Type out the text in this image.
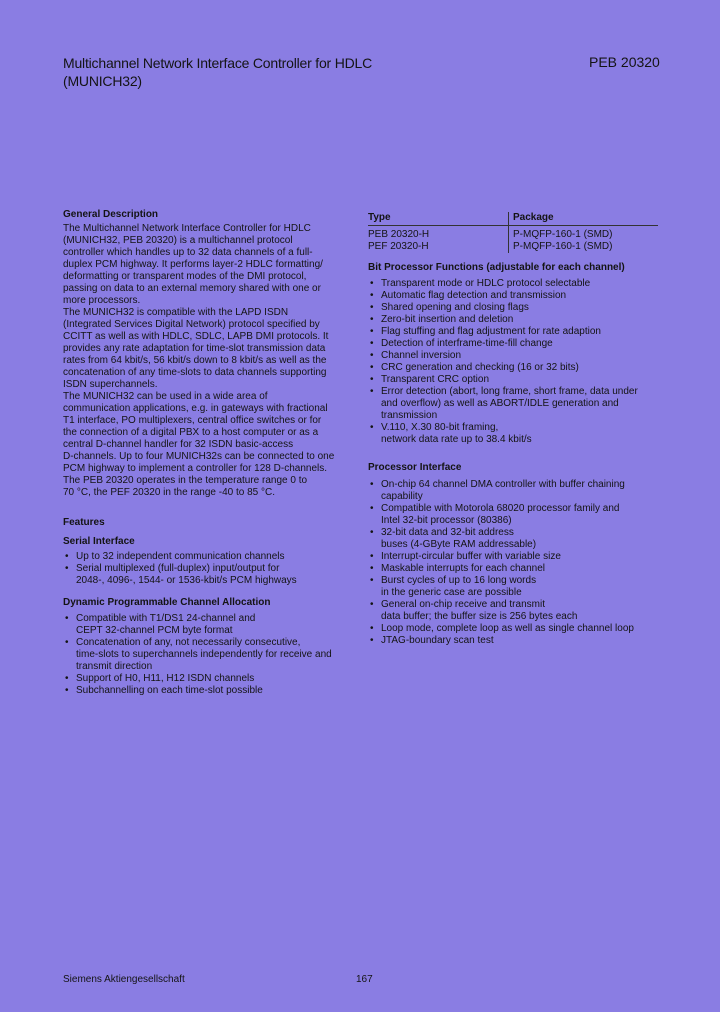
Multichannel Network Interface Controller for HDLC
(MUNICH32)
PEB 20320
General Description
The Multichannel Network Interface Controller for HDLC
(MUNICH32, PEB 20320) is a multichannel protocol
controller which handles up to 32 data channels of a full-
duplex PCM highway. It performs layer-2 HDLC formatting/
deformatting or transparent modes of the DMI protocol,
passing on data to an external memory shared with one or
more processors.
The MUNICH32 is compatible with the LAPD ISDN
(Integrated Services Digital Network) protocol specified by
CCITT as well as with HDLC, SDLC, LAPB DMI protocols. It
provides any rate adaptation for time-slot transmission data
rates from 64 kbit/s, 56 kbit/s down to 8 kbit/s as well as the
concatenation of any time-slots to data channels supporting
ISDN superchannels.
The MUNICH32 can be used in a wide area of
communication applications, e.g. in gateways with fractional
T1 interface, PO multiplexers, central office switches or for
the connection of a digital PBX to a host computer or as a
central D-channel handler for 32 ISDN basic-access
D-channels. Up to four MUNICH32s can be connected to one
PCM highway to implement a controller for 128 D-channels.
The PEB 20320 operates in the temperature range 0 to
70 °C, the PEF 20320 in the range -40 to 85 °C.
Features
Serial Interface
• Up to 32 independent communication channels
• Serial multiplexed (full-duplex) input/output for
2048-, 4096-, 1544- or 1536-kbit/s PCM highways
Dynamic Programmable Channel Allocation
• Compatible with T1/DS1 24-channel and
CEPT 32-channel PCM byte format
• Concatenation of any, not necessarily consecutive,
time-slots to superchannels independently for receive and
transmit direction
• Support of H0, H11, H12 ISDN channels
• Subchannelling on each time-slot possible
Type	Package
PEB 20320-H	P-MQFP-160-1 (SMD)
PEF 20320-H	P-MQFP-160-1 (SMD)
Bit Processor Functions (adjustable for each channel)
• Transparent mode or HDLC protocol selectable
• Automatic flag detection and transmission
• Shared opening and closing flags
• Zero-bit insertion and deletion
• Flag stuffing and flag adjustment for rate adaption
• Detection of interframe-time-fill change
• Channel inversion
• CRC generation and checking (16 or 32 bits)
• Transparent CRC option
• Error detection (abort, long frame, short frame, data under
and overflow) as well as ABORT/IDLE generation and
transmission
• V.110, X.30 80-bit framing,
network data rate up to 38.4 kbit/s
Processor Interface
• On-chip 64 channel DMA controller with buffer chaining
capability
• Compatible with Motorola 68020 processor family and
Intel 32-bit processor (80386)
• 32-bit data and 32-bit address
buses (4-GByte RAM addressable)
• Interrupt-circular buffer with variable size
• Maskable interrupts for each channel
• Burst cycles of up to 16 long words
in the generic case are possible
• General on-chip receive and transmit
data buffer; the buffer size is 256 bytes each
• Loop mode, complete loop as well as single channel loop
• JTAG-boundary scan test
Siemens Aktiengesellschaft	167
